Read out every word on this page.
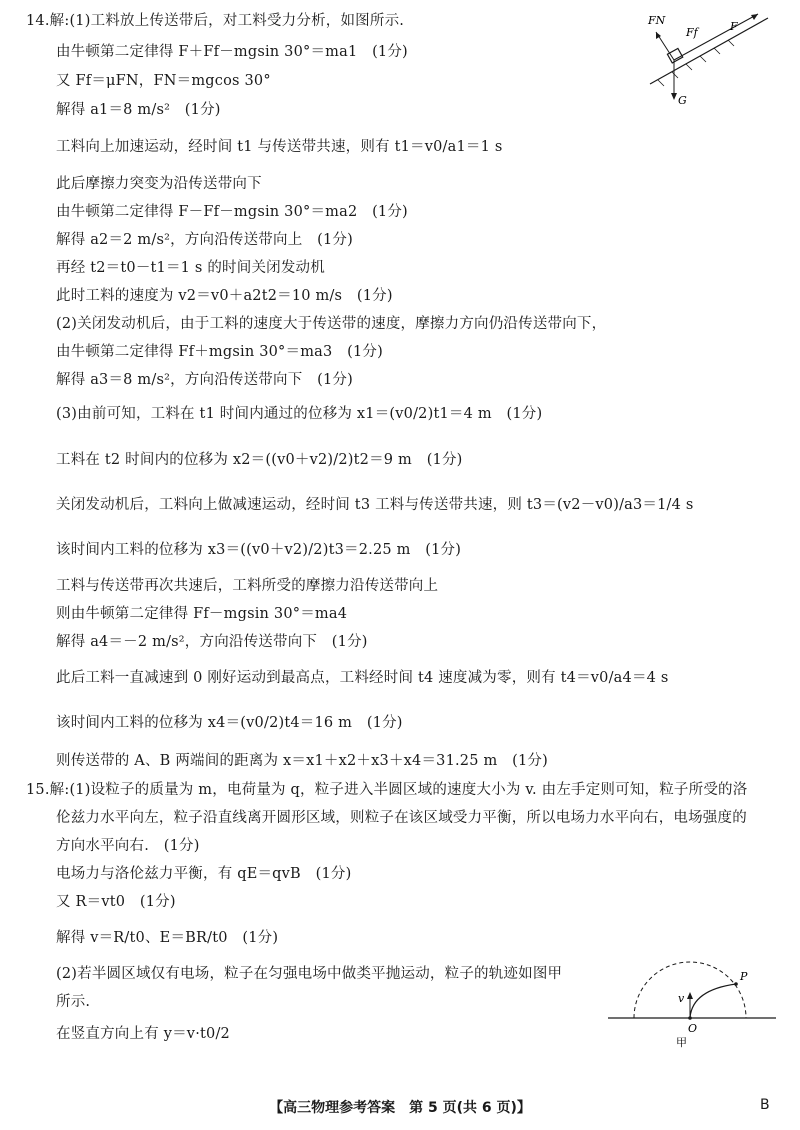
14.解:(1)工料放上传送带后，对工料受力分析，如图所示.
由牛顿第二定律得 F＋Ff－mgsin 30°＝ma1　(1分)
又 Ff＝μFN，FN＝mgcos 30°
解得 a1＝8 m/s²　(1分)
工料向上加速运动，经时间 t1 与传送带共速，则有 t1＝v0/a1＝1 s
此后摩擦力突变为沿传送带向下
由牛顿第二定律得 F－Ff－mgsin 30°＝ma2　(1分)
解得 a2＝2 m/s²，方向沿传送带向上　(1分)
再经 t2＝t0－t1＝1 s 的时间关闭发动机
此时工料的速度为 v2＝v0＋a2t2＝10 m/s　(1分)
(2)关闭发动机后，由于工料的速度大于传送带的速度，摩擦力方向仍沿传送带向下，
由牛顿第二定律得 Ff＋mgsin 30°＝ma3　(1分)
解得 a3＝8 m/s²，方向沿传送带向下　(1分)
(3)由前可知，工料在 t1 时间内通过的位移为 x1＝(v0/2)t1＝4 m　(1分)
工料在 t2 时间内的位移为 x2＝((v0＋v2)/2)t2＝9 m　(1分)
关闭发动机后，工料向上做减速运动，经时间 t3 工料与传送带共速，则 t3＝(v2－v0)/a3＝1/4 s
该时间内工料的位移为 x3＝((v0＋v2)/2)t3＝2.25 m　(1分)
工料与传送带再次共速后，工料所受的摩擦力沿传送带向上
则由牛顿第二定律得 Ff－mgsin 30°＝ma4
解得 a4＝－2 m/s²，方向沿传送带向下　(1分)
此后工料一直减速到 0 刚好运动到最高点，工料经时间 t4 速度减为零，则有 t4＝v0/a4＝4 s
该时间内工料的位移为 x4＝(v0/2)t4＝16 m　(1分)
则传送带的 A、B 两端间的距离为 x＝x1＋x2＋x3＋x4＝31.25 m　(1分)
FN
Ff	F
G
15.解:(1)设粒子的质量为 m，电荷量为 q，粒子进入半圆区域的速度大小为 v. 由左手定则可知，粒子所受的洛
伦兹力水平向左，粒子沿直线离开圆形区域，则粒子在该区域受力平衡，所以电场力水平向右，电场强度的
方向水平向右.　(1分)
电场力与洛伦兹力平衡，有 qE＝qvB　(1分)
又 R＝vt0　(1分)
解得 v＝R/t0、E＝BR/t0　(1分)
(2)若半圆区域仅有电场，粒子在匀强电场中做类平抛运动，粒子的轨迹如图甲
所示.
在竖直方向上有 y＝v·t0/2
v
P
O
甲
【高三物理参考答案　第 5 页(共 6 页)】	B
